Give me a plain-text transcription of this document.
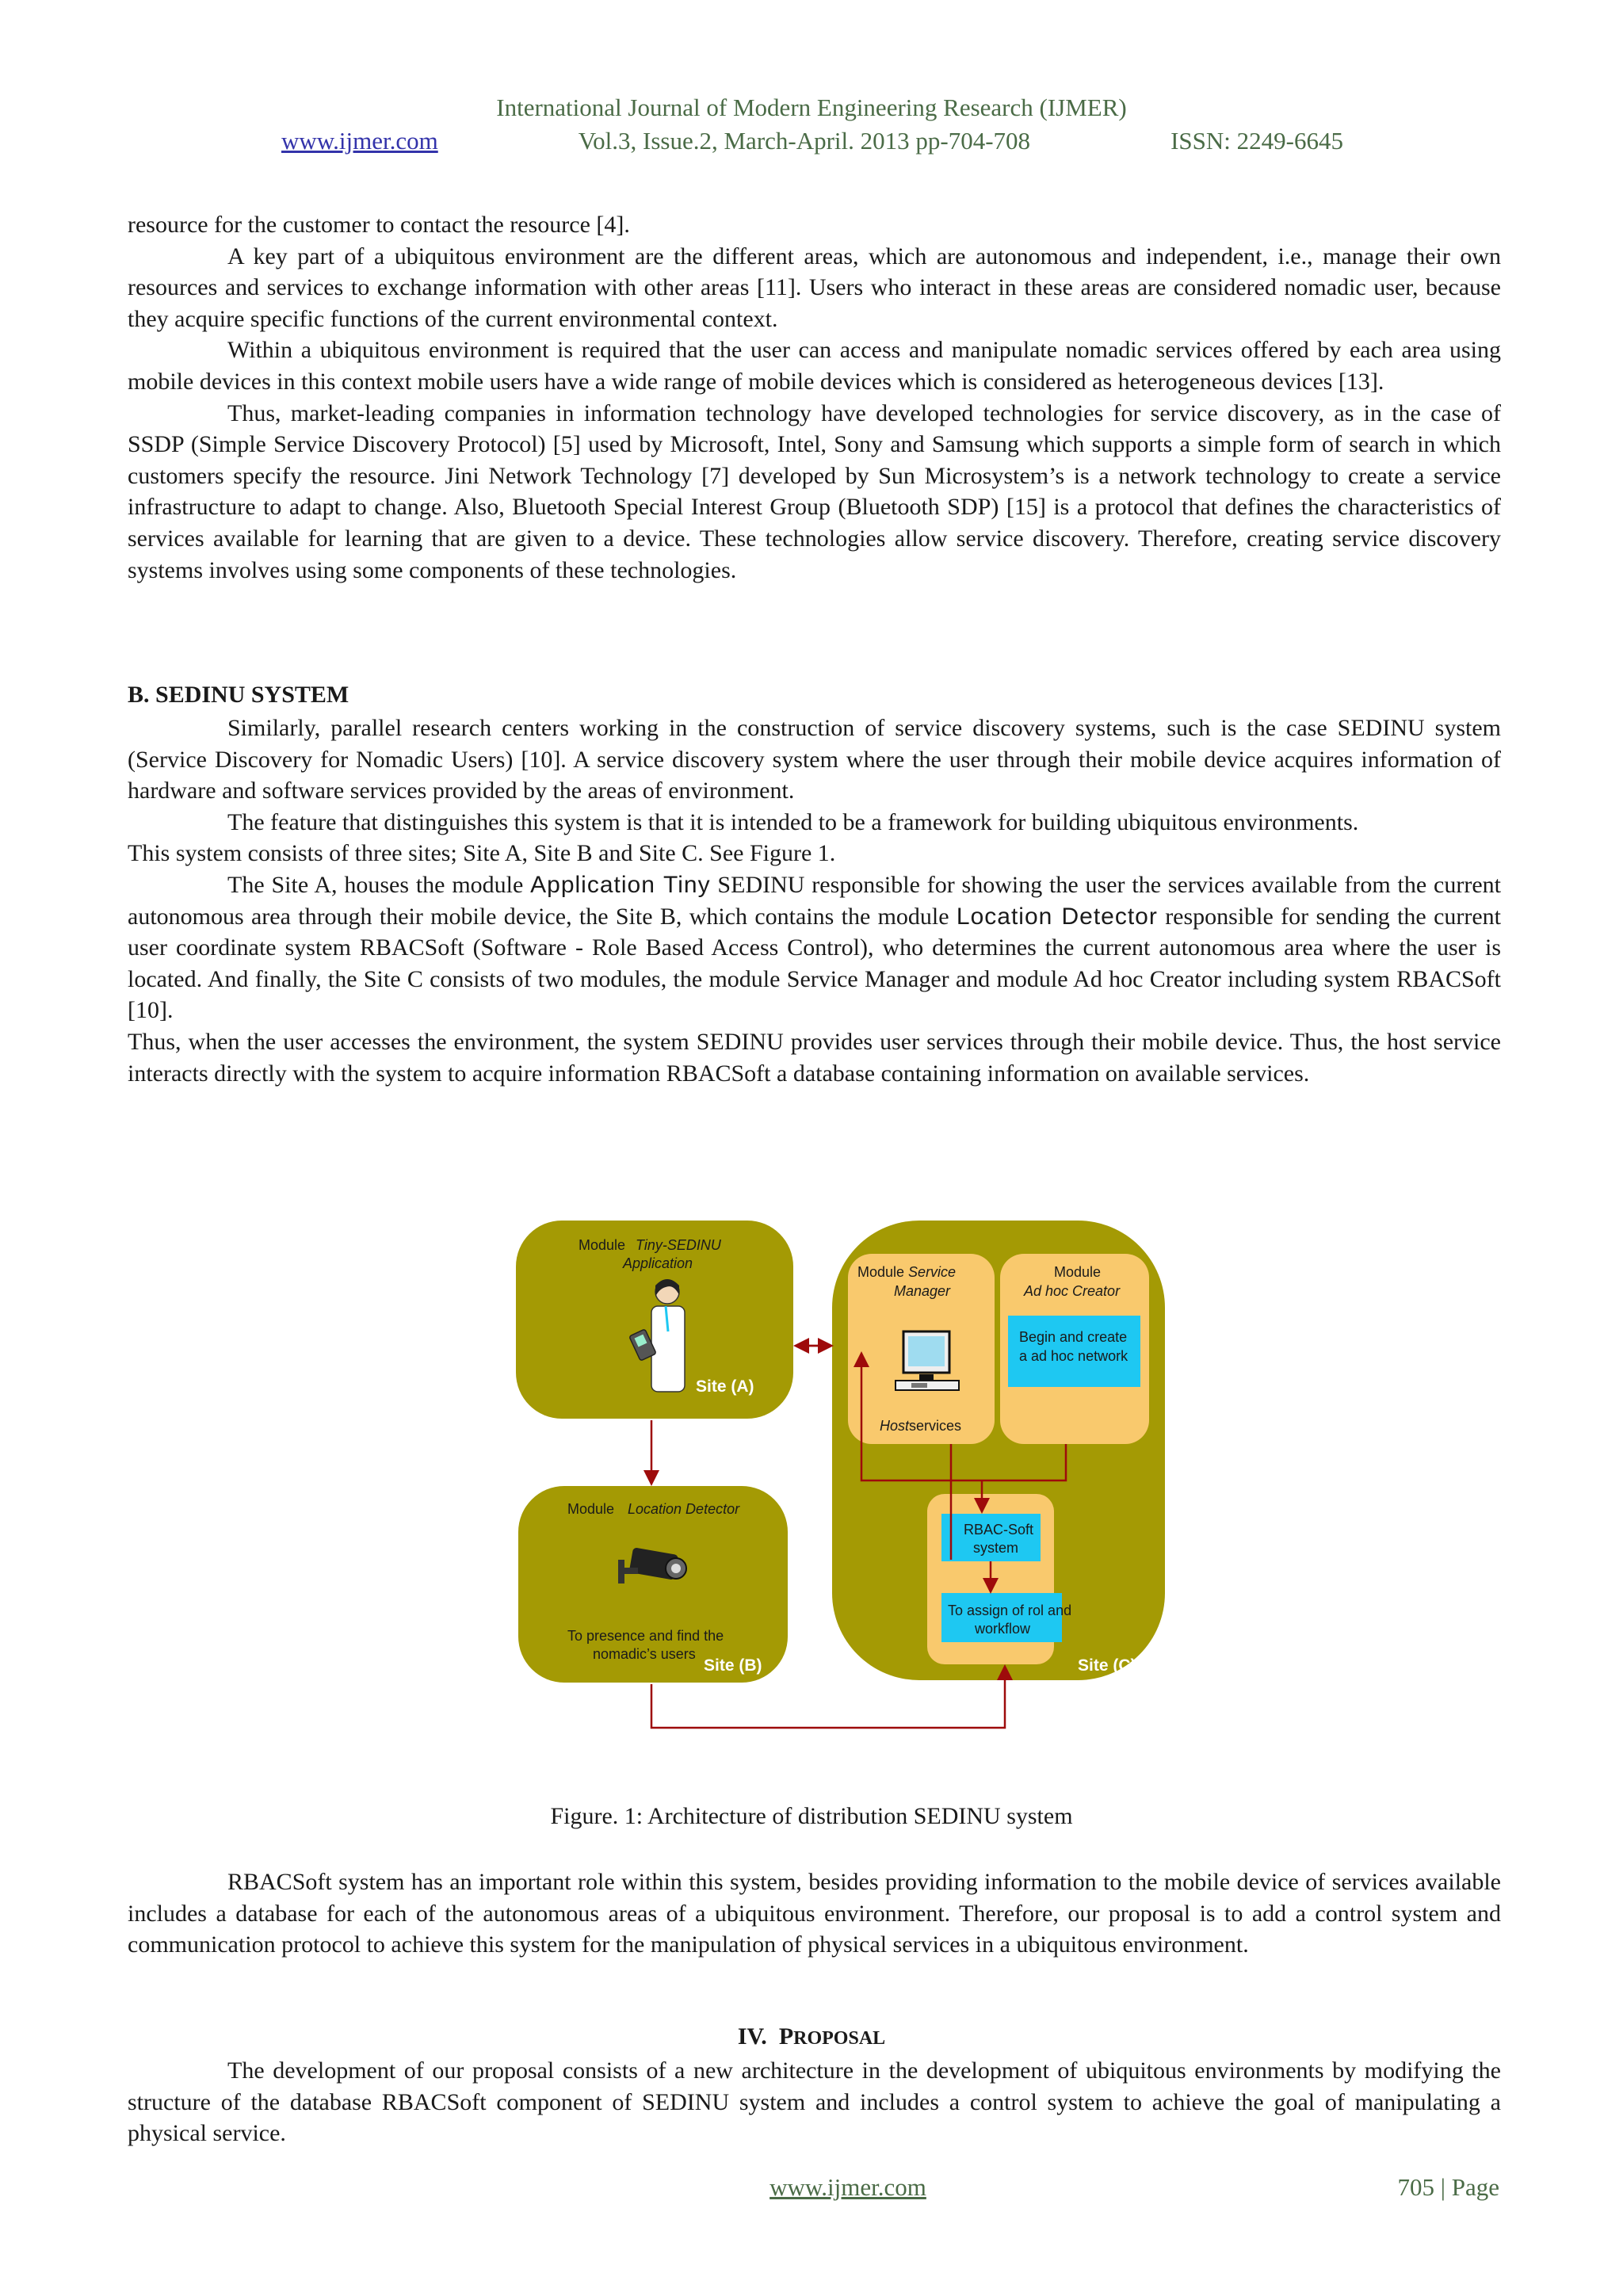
International Journal of Modern Engineering Research (IJMER)
www.ijmer.com	Vol.3, Issue.2, March-April. 2013 pp-704-708	ISSN: 2249-6645

resource for the customer to contact the resource [4].

A key part of a ubiquitous environment are the different areas, which are autonomous and independent, i.e., manage their own resources and services to exchange information with other areas [11]. Users who interact in these areas are considered nomadic user, because they acquire specific functions of the current environmental context.

Within a ubiquitous environment is required that the user can access and manipulate nomadic services offered by each area using mobile devices in this context mobile users have a wide range of mobile devices which is considered as heterogeneous devices [13].

Thus, market-leading companies in information technology have developed technologies for service discovery, as in the case of SSDP (Simple Service Discovery Protocol) [5] used by Microsoft, Intel, Sony and Samsung which supports a simple form of search in which customers specify the resource. Jini Network Technology [7] developed by Sun Microsystem’s is a network technology to create a service infrastructure to adapt to change. Also, Bluetooth Special Interest Group (Bluetooth SDP) [15] is a protocol that defines the characteristics of services available for learning that are given to a device. These technologies allow service discovery. Therefore, creating service discovery systems involves using some components of these technologies.

B. SEDINU SYSTEM

Similarly, parallel research centers working in the construction of service discovery systems, such is the case SEDINU system (Service Discovery for Nomadic Users) [10]. A service discovery system where the user through their mobile device acquires information of hardware and software services provided by the areas of environment.

The feature that distinguishes this system is that it is intended to be a framework for building ubiquitous environments.

This system consists of three sites; Site A, Site B and Site C. See Figure 1.

The Site A, houses the module Application Tiny SEDINU responsible for showing the user the services available from the current autonomous area through their mobile device, the Site B, which contains the module Location Detector responsible for sending the current user coordinate system RBACSoft (Software - Role Based Access Control), who determines the current autonomous area where the user is located. And finally, the Site C consists of two modules, the module Service Manager and module Ad hoc Creator including system RBACSoft [10].

Thus, when the user accesses the environment, the system SEDINU provides user services through their mobile device. Thus, the host service interacts directly with the system to acquire information RBACSoft a database containing information on available services.

Module Tiny-SEDINU
Application
Site (A)
Module Location Detector
To presence and find the
nomadic’s users
Site (B)
Module Service
Manager
Hostservices
Module
Ad hoc Creator
Begin and create
a ad hoc network
RBAC-Soft
system
To assign of rol and
workflow
Site (C)
Figure. 1: Architecture of distribution SEDINU system

RBACSoft system has an important role within this system, besides providing information to the mobile device of services available includes a database for each of the autonomous areas of a ubiquitous environment. Therefore, our proposal is to add a control system and communication protocol to achieve this system for the manipulation of physical services in a ubiquitous environment.

IV. PROPOSAL

The development of our proposal consists of a new architecture in the development of ubiquitous environments by modifying the structure of the database RBACSoft component of SEDINU system and includes a control system to achieve the goal of manipulating a physical service.

www.ijmer.com	705 | Page
